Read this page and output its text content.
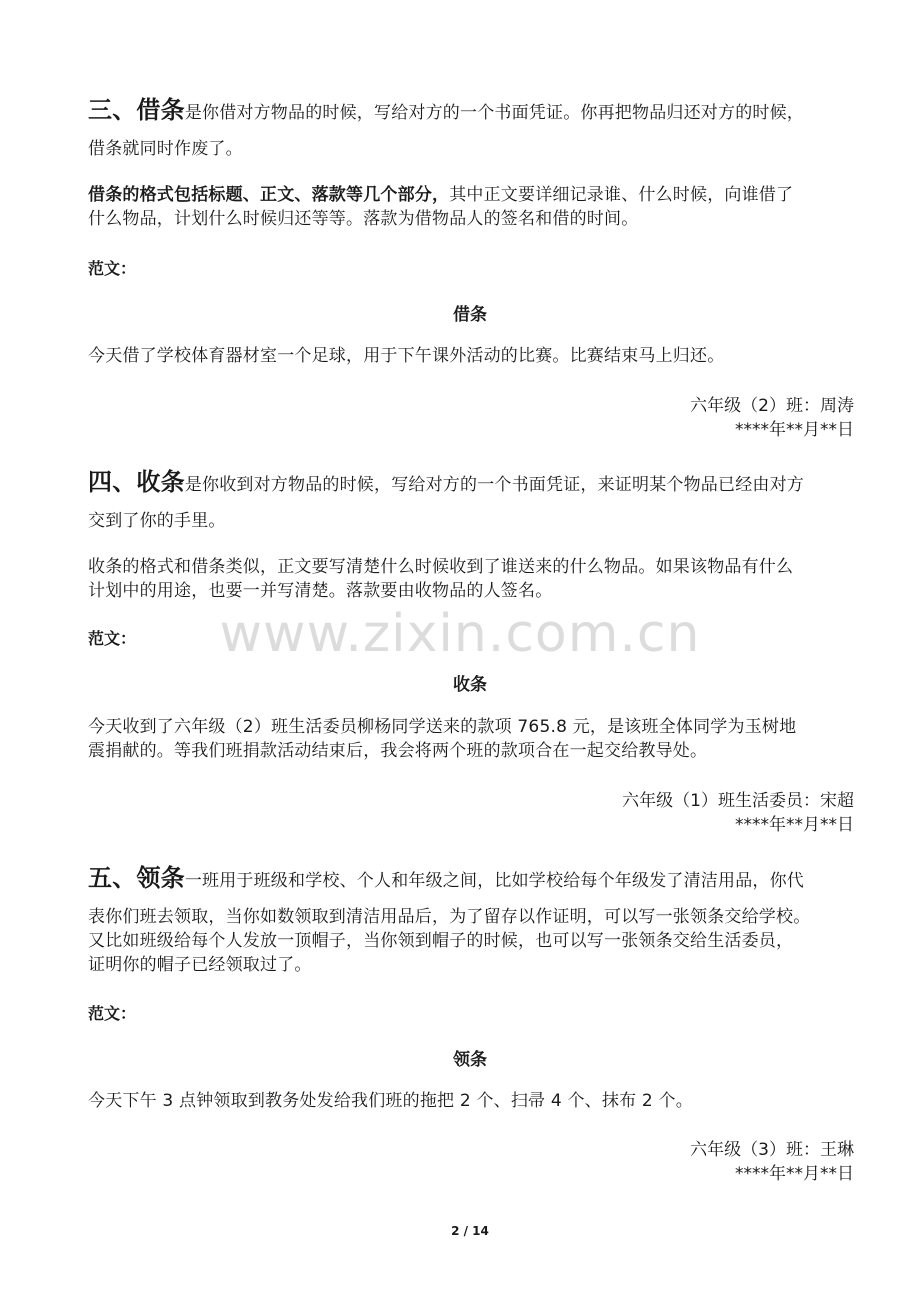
www.zixin.com.cn
三、借条是你借对方物品的时候，写给对方的一个书面凭证。你再把物品归还对方的时候，
借条就同时作废了。
借条的格式包括标题、正文、落款等几个部分，其中正文要详细记录谁、什么时候，向谁借了
什么物品，计划什么时候归还等等。落款为借物品人的签名和借的时间。
范文：
借条
今天借了学校体育器材室一个足球，用于下午课外活动的比赛。比赛结束马上归还。
六年级（2）班：周涛
****年**月**日
四、收条是你收到对方物品的时候，写给对方的一个书面凭证，来证明某个物品已经由对方
交到了你的手里。
收条的格式和借条类似，正文要写清楚什么时候收到了谁送来的什么物品。如果该物品有什么
计划中的用途，也要一并写清楚。落款要由收物品的人签名。
范文：
收条
今天收到了六年级（2）班生活委员柳杨同学送来的款项 765.8 元，是该班全体同学为玉树地
震捐献的。等我们班捐款活动结束后，我会将两个班的款项合在一起交给教导处。
六年级（1）班生活委员：宋超
****年**月**日
五、领条一班用于班级和学校、个人和年级之间，比如学校给每个年级发了清洁用品，你代
表你们班去领取，当你如数领取到清洁用品后，为了留存以作证明，可以写一张领条交给学校。
又比如班级给每个人发放一顶帽子，当你领到帽子的时候，也可以写一张领条交给生活委员，
证明你的帽子已经领取过了。
范文：
领条
今天下午 3 点钟领取到教务处发给我们班的拖把 2 个、扫帚 4 个、抹布 2 个。
六年级（3）班：王琳
****年**月**日
2 / 14
